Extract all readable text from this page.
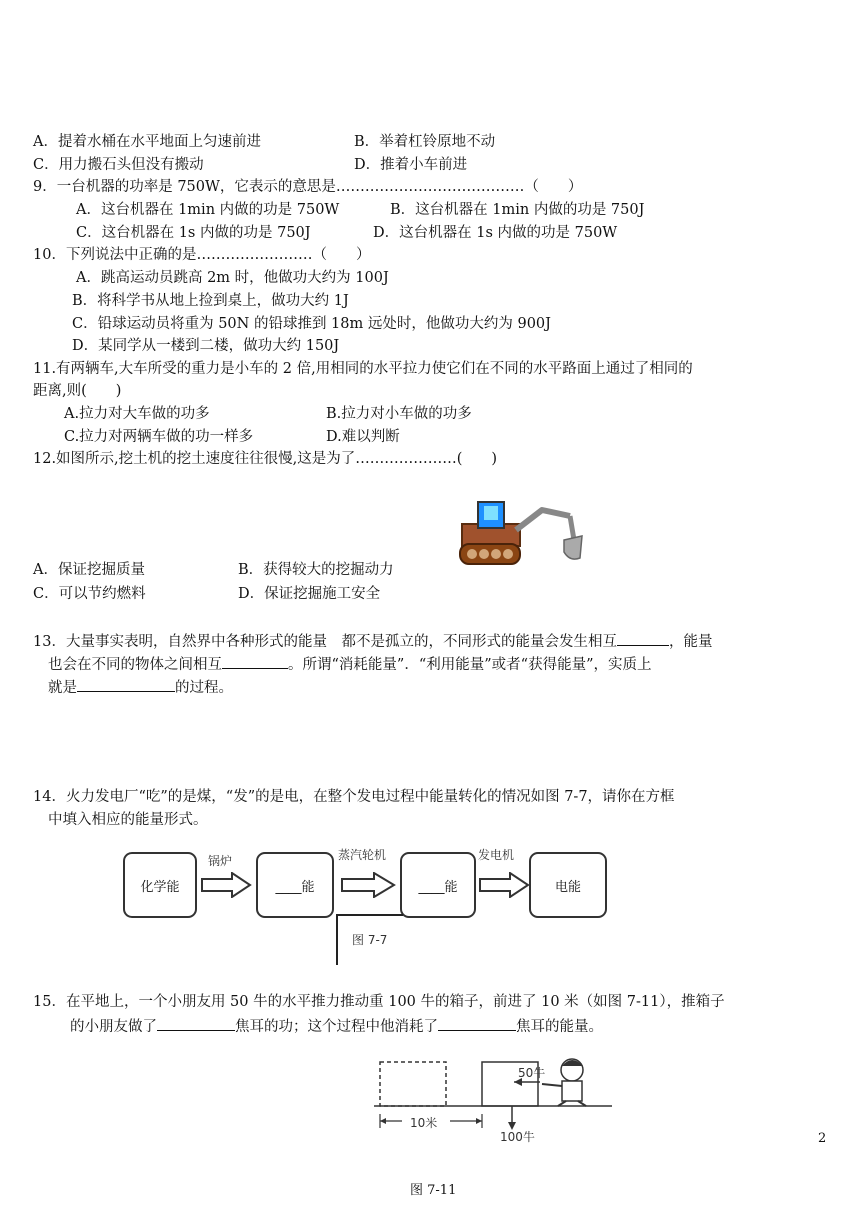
A．提着水桶在水平地面上匀速前进	B．举着杠铃原地不动
C．用力搬石头但没有搬动	D．推着小车前进
9．一台机器的功率是 750W，它表示的意思是…………………………………（　　）
A．这台机器在 1min 内做的功是 750W	B．这台机器在 1min 内做的功是 750J
C．这台机器在 1s 内做的功是 750J	D．这台机器在 1s 内做的功是 750W
10．下列说法中正确的是……………………（　　）
A．跳高运动员跳高 2m 时，他做功大约为 100J
B．将科学书从地上捡到桌上，做功大约 1J
C．铅球运动员将重为 50N 的铅球推到 18m 远处时，他做功大约为 900J
D．某同学从一楼到二楼，做功大约 150J
11.有两辆车,大车所受的重力是小车的 2 倍,用相同的水平拉力使它们在不同的水平路面上通过了相同的
距离,则(　　)
A.拉力对大车做的功多	B.拉力对小车做的功多
C.拉力对两辆车做的功一样多	D.难以判断
12.如图所示,挖土机的挖土速度往往很慢,这是为了…………………(　　)
A．保证挖掘质量	B．获得较大的挖掘动力
C．可以节约燃料	D．保证挖掘施工安全
13．大量事实表明，自然界中各种形式的能量　都不是孤立的，不同形式的能量会发生相互	，能量
也会在不同的物体之间相互	。所谓“消耗能量”．“利用能量”或者“获得能量”，实质上
就是	的过程。
14．火力发电厂“吃”的是煤，“发”的是电，在整个发电过程中能量转化的情况如图 7-7，请你在方框
中填入相应的能量形式。
化学能	____能	____能	电能
锅炉	蒸汽轮机	发电机
图 7-7
15．在平地上，一个小朋友用 50 牛的水平推力推动重 100 牛的箱子，前进了 10 米（如图 7-11），推箱子
的小朋友做了	焦耳的功；这个过程中他消耗了	焦耳的能量。
50牛
10米
100牛
图 7-11
2
